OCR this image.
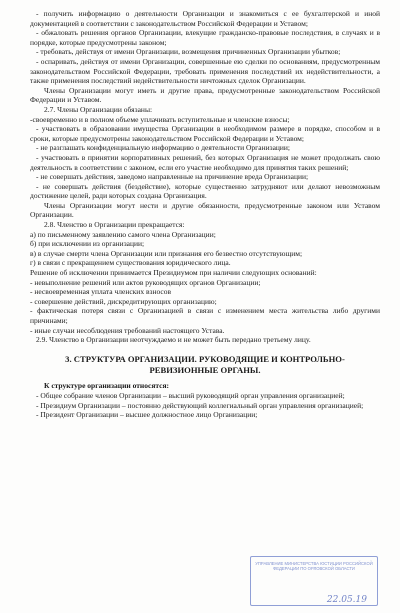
- получить информацию о деятельности Организации и знакомиться с ее бухгалтерской и иной документацией в соответствии с законодательством Российской Федерации и Уставом;

- обжаловать решения органов Организации, влекущие гражданско-правовые последствия, в случаях и в порядке, которые предусмотрены законом;

- требовать, действуя от имени Организации, возмещения причиненных Организации убытков;

- оспаривать, действуя от имени Организации, совершенные ею сделки по основаниям, предусмотренным законодательством Российской Федерации, требовать применения последствий их недействительности, а также применения последствий недействительности ничтожных сделок Организации.

Члены Организации могут иметь и другие права, предусмотренные законодательством Российской Федерации и Уставом.

2.7. Члены Организации обязаны:

-своевременно и в полном объеме уплачивать вступительные и членские взносы;

- участвовать в образовании имущества Организации в необходимом размере в порядке, способом и в сроки, которые предусмотрены законодательством Российской Федерации и Уставом;

- не разглашать конфиденциальную информацию о деятельности Организации;

- участвовать в принятии корпоративных решений, без которых Организация не может продолжать свою деятельность в соответствии с законом, если его участие необходимо для принятия таких решений;

- не совершать действия, заведомо направленные на причинение вреда Организации;

- не совершать действия (бездействие), которые существенно затрудняют или делают невозможным достижение целей, ради которых создана Организация.

Члены Организации могут нести и другие обязанности, предусмотренные законом или Уставом Организации.

2.8. Членство в Организации прекращается:

а) по письменному заявлению самого члена Организации;

б) при исключении из организации;

в) в случае смерти члена Организации или признания его безвестно отсутствующим;

г) в связи с прекращением существования юридического лица.

Решение об исключении принимается Президиумом при наличии следующих оснований:

- невыполнение решений или актов руководящих органов Организации;

- несвоевременная уплата членских взносов

- совершение действий, дискредитирующих организацию;

- фактическая потеря связи с Организацией в связи с изменением места жительства либо другими причинами;

- иные случаи несоблюдения требований настоящего Устава.

2.9. Членство в Организации неотчуждаемо и не может быть передано третьему лицу.

3. СТРУКТУРА ОРГАНИЗАЦИИ. РУКОВОДЯЩИЕ И КОНТРОЛЬНО-РЕВИЗИОННЫЕ ОРГАНЫ.

К структуре организации относятся:

- Общее собрание членов Организации – высший руководящий орган управления организацией;

- Президиум Организации – постоянно действующий коллегиальный орган управления организацией;

- Президент Организации – высшее должностное лицо Организации;

УПРАВЛЕНИЕ МИНИСТЕРСТВА ЮСТИЦИИ РОССИЙСКОЙ ФЕДЕРАЦИИ ПО ОРЛОВСКОЙ ОБЛАСТИ
22.05.19
